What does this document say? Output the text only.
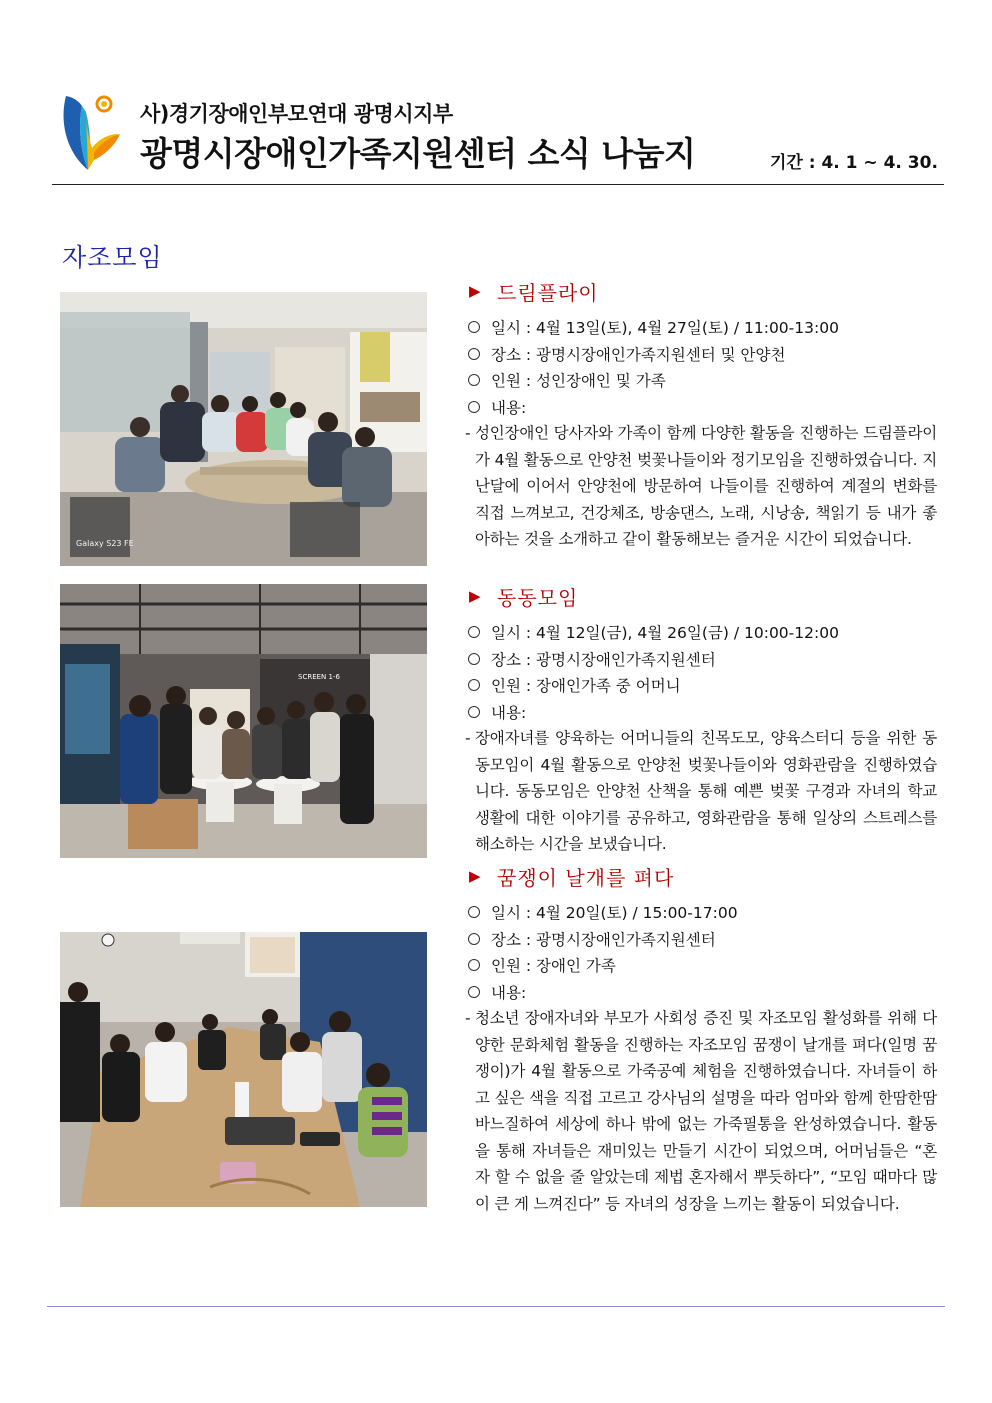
사)경기장애인부모연대 광명시지부
광명시장애인가족지원센터 소식 나눔지	기간 : 4. 1 ~ 4. 30.
자조모임
Galaxy S23 FE
▶ 드림플라이
일시 : 4월 13일(토), 4월 27일(토) / 11:00-13:00
장소 : 광명시장애인가족지원센터 및 안양천
인원 : 성인장애인 및 가족
내용:
- 성인장애인 당사자와 가족이 함께 다양한 활동을 진행하는 드림플라이가 4월 활동으로 안양천 벚꽃나들이와 정기모임을 진행하였습니다. 지난달에 이어서 안양천에 방문하여 나들이를 진행하여 계절의 변화를 직접 느껴보고, 건강체조, 방송댄스, 노래, 시낭송, 책읽기 등 내가 좋아하는 것을 소개하고 같이 활동해보는 즐거운 시간이 되었습니다.
SCREEN 1-6
▶ 동동모임
일시 : 4월 12일(금), 4월 26일(금) / 10:00-12:00
장소 : 광명시장애인가족지원센터
인원 : 장애인가족 중 어머니
내용:
- 장애자녀를 양육하는 어머니들의 친목도모, 양육스터디 등을 위한 동동모임이 4월 활동으로 안양천 벚꽃나들이와 영화관람을 진행하였습니다. 동동모임은 안양천 산책을 통해 예쁜 벚꽃 구경과 자녀의 학교 생활에 대한 이야기를 공유하고, 영화관람을 통해 일상의 스트레스를 해소하는 시간을 보냈습니다.
▶ 꿈쟁이 날개를 펴다
일시 : 4월 20일(토) / 15:00-17:00
장소 : 광명시장애인가족지원센터
인원 : 장애인 가족
내용:
- 청소년 장애자녀와 부모가 사회성 증진 및 자조모임 활성화를 위해 다양한 문화체험 활동을 진행하는 자조모임 꿈쟁이 날개를 펴다(일명 꿈쟁이)가 4월 활동으로 가죽공예 체험을 진행하였습니다. 자녀들이 하고 싶은 색을 직접 고르고 강사님의 설명을 따라 엄마와 함께 한땀한땀 바느질하여 세상에 하나 밖에 없는 가죽필통을 완성하였습니다. 활동을 통해 자녀들은 재미있는 만들기 시간이 되었으며, 어머님들은 “혼자 할 수 없을 줄 알았는데 제법 혼자해서 뿌듯하다”, “모임 때마다 많이 큰 게 느껴진다” 등 자녀의 성장을 느끼는 활동이 되었습니다.
